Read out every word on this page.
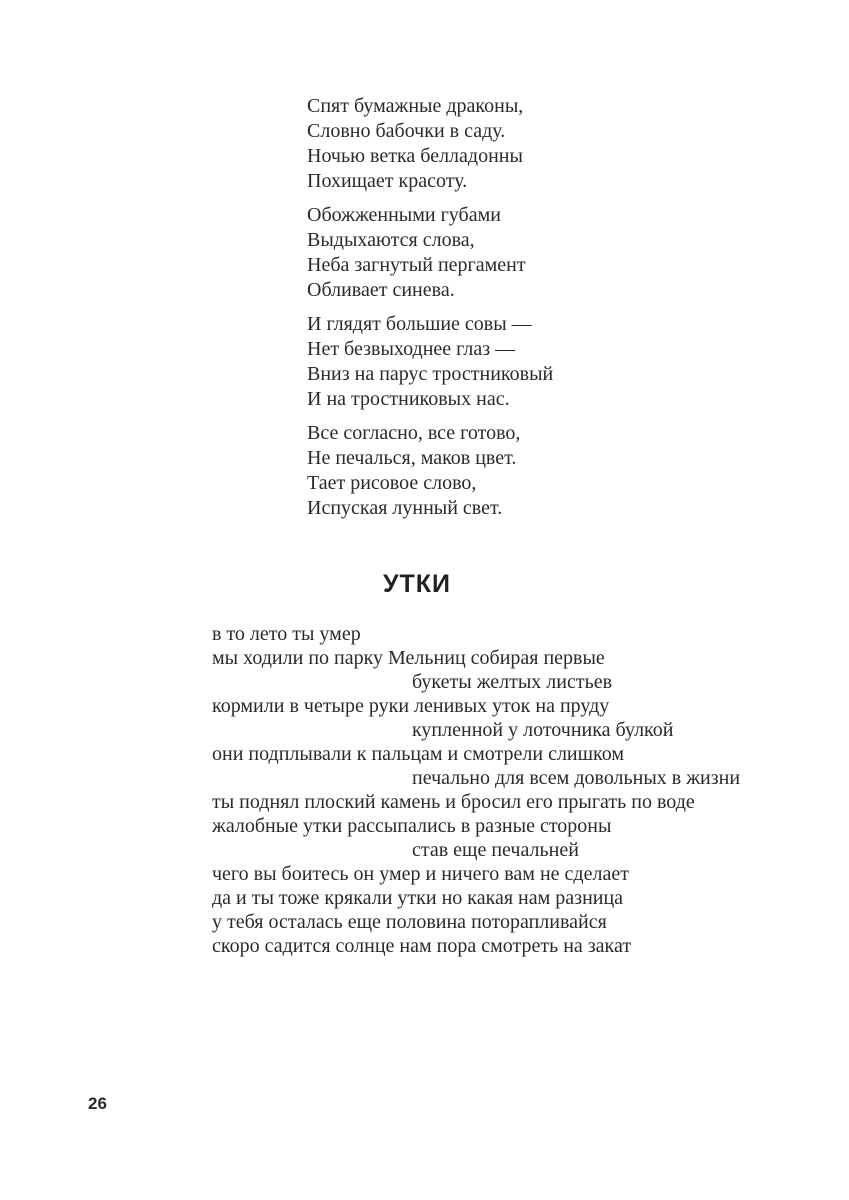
Спят бумажные драконы,
Словно бабочки в саду.
Ночью ветка белладонны
Похищает красоту.
Обожженными губами
Выдыхаются слова,
Неба загнутый пергамент
Обливает синева.
И глядят большие совы —
Нет безвыходнее глаз —
Вниз на парус тростниковый
И на тростниковых нас.
Все согласно, все готово,
Не печалься, маков цвет.
Тает рисовое слово,
Испуская лунный свет.
УТКИ
в то лето ты умер
мы ходили по парку Мельниц собирая первые
букеты желтых листьев
кормили в четыре руки ленивых уток на пруду
купленной у лоточника булкой
они подплывали к пальцам и смотрели слишком
печально для всем довольных в жизни
ты поднял плоский камень и бросил его прыгать по воде
жалобные утки рассыпались в разные стороны
став еще печальней
чего вы боитесь он умер и ничего вам не сделает
да и ты тоже крякали утки но какая нам разница
у тебя осталась еще половина поторапливайся
скоро садится солнце нам пора смотреть на закат
26
